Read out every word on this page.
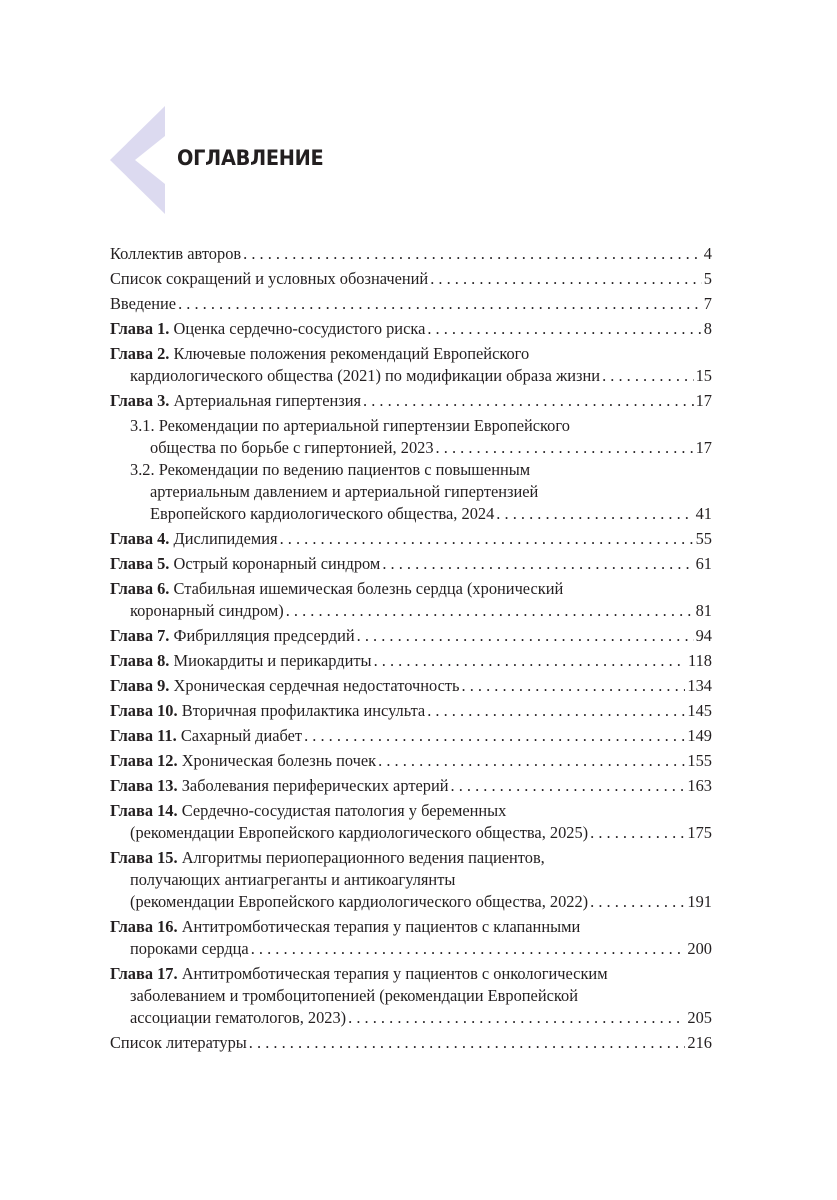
ОГЛАВЛЕНИЕ
Коллектив авторов . . .	4
Список сокращений и условных обозначений . . .	5
Введение . . .	7
Глава 1. Оценка сердечно-сосудистого риска . . .	8
Глава 2. Ключевые положения рекомендаций Европейского
кардиологического общества (2021) по модификации образа жизни . . .	15
Глава 3. Артериальная гипертензия . . .	17
3.1. Рекомендации по артериальной гипертензии Европейского
общества по борьбе с гипертонией, 2023 . . .	17
3.2. Рекомендации по ведению пациентов с повышенным
артериальным давлением и артериальной гипертензией
Европейского кардиологического общества, 2024 . . .	41
Глава 4. Дислипидемия . . .	55
Глава 5. Острый коронарный синдром . . .	61
Глава 6. Стабильная ишемическая болезнь сердца (хронический
коронарный синдром) . . .	81
Глава 7. Фибрилляция предсердий . . .	94
Глава 8. Миокардиты и перикардиты . . .	118
Глава 9. Хроническая сердечная недостаточность . . .	134
Глава 10. Вторичная профилактика инсульта . . .	145
Глава 11. Сахарный диабет . . .	149
Глава 12. Хроническая болезнь почек . . .	155
Глава 13. Заболевания периферических артерий . . .	163
Глава 14. Сердечно-сосудистая патология у беременных
(рекомендации Европейского кардиологического общества, 2025) . . .	175
Глава 15. Алгоритмы периоперационного ведения пациентов,
получающих антиагреганты и антикоагулянты
(рекомендации Европейского кардиологического общества, 2022) . . .	191
Глава 16. Антитромботическая терапия у пациентов с клапанными
пороками сердца . . .	200
Глава 17. Антитромботическая терапия у пациентов с онкологическим
заболеванием и тромбоцитопенией (рекомендации Европейской
ассоциации гематологов, 2023) . . .	205
Список литературы . . .	216
